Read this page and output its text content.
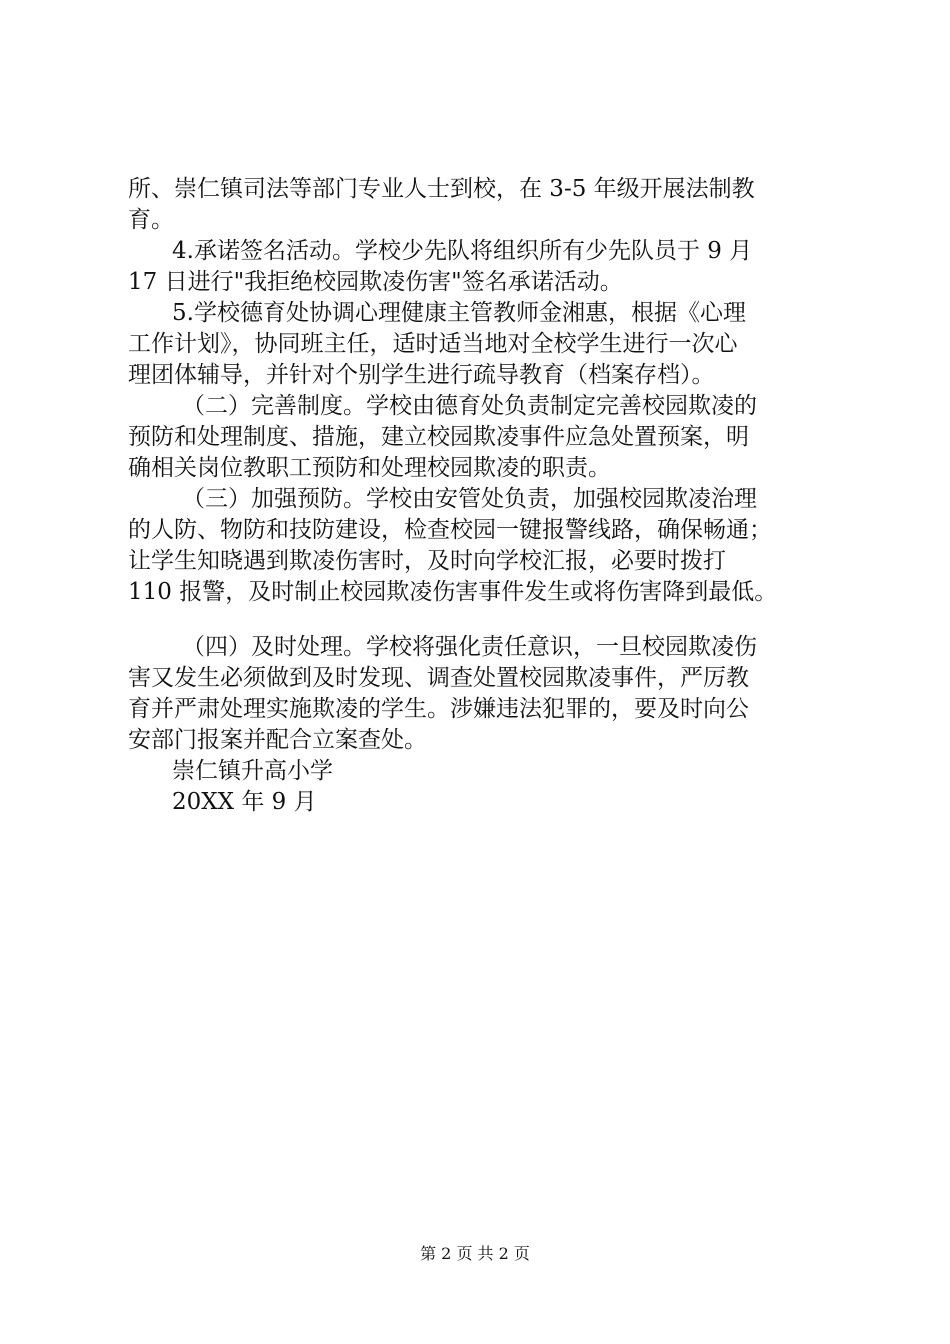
所、崇仁镇司法等部门专业人士到校，在 3-5 年级开展法制教
育。
4.承诺签名活动。学校少先队将组织所有少先队员于 9 月
17 日进行"我拒绝校园欺凌伤害"签名承诺活动。
5.学校德育处协调心理健康主管教师金湘惠，根据《心理
工作计划》，协同班主任，适时适当地对全校学生进行一次心
理团体辅导，并针对个别学生进行疏导教育（档案存档）。
（二）完善制度。学校由德育处负责制定完善校园欺凌的
预防和处理制度、措施，建立校园欺凌事件应急处置预案，明
确相关岗位教职工预防和处理校园欺凌的职责。
（三）加强预防。学校由安管处负责，加强校园欺凌治理
的人防、物防和技防建设，检查校园一键报警线路，确保畅通；
让学生知晓遇到欺凌伤害时，及时向学校汇报，必要时拨打
110 报警，及时制止校园欺凌伤害事件发生或将伤害降到最低。
（四）及时处理。学校将强化责任意识，一旦校园欺凌伤
害又发生必须做到及时发现、调查处置校园欺凌事件，严厉教
育并严肃处理实施欺凌的学生。涉嫌违法犯罪的，要及时向公
安部门报案并配合立案查处。
崇仁镇升高小学
20XX 年 9 月
第 2 页 共 2 页
